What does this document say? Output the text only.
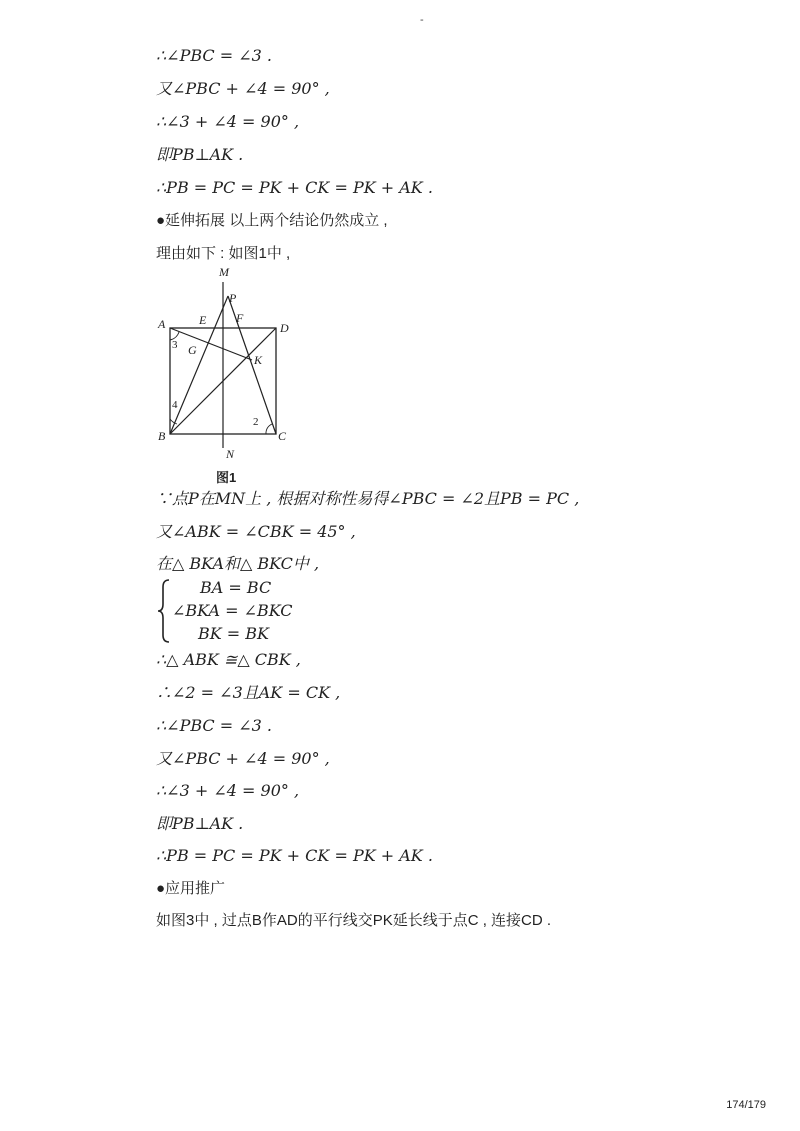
-
∴∠PBC = ∠3 .
又∠PBC + ∠4 = 90° ,
∴∠3 + ∠4 = 90° ,
即PB⊥AK .
∴PB = PC = PK + CK = PK + AK .
●延伸拓展 以上两个结论仍然成立 ,
理由如下 : 如图1中 ,
M
P
E F
A	D
3 G
K
4
2
B	C
N
图1
∵点P在MN上 , 根据对称性易得∠PBC = ∠2且PB = PC ,
又∠ABK = ∠CBK = 45° ,
在△ BKA和△ BKC中 ,
BA = BC
∠BKA = ∠BKC
BK = BK
∴△ ABK ≅△ CBK ,
∴∠2 = ∠3且AK = CK ,
∴∠PBC = ∠3 .
又∠PBC + ∠4 = 90° ,
∴∠3 + ∠4 = 90° ,
即PB⊥AK .
∴PB = PC = PK + CK = PK + AK .
●应用推广
如图3中 , 过点B作AD的平行线交PK延长线于点C , 连接CD .
174/179
